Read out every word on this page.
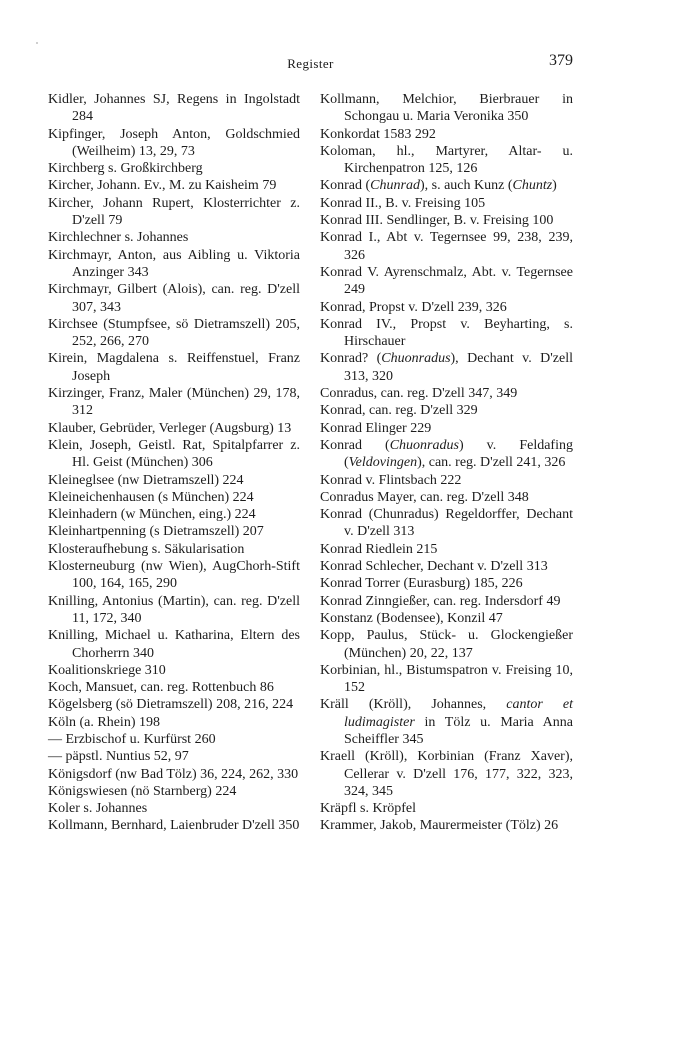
Register	379

Kidler, Johannes SJ, Regens in Ingolstadt 284

Kipfinger, Joseph Anton, Goldschmied (Weilheim) 13, 29, 73

Kirchberg s. Großkirchberg

Kircher, Johann. Ev., M. zu Kaisheim 79

Kircher, Johann Rupert, Klosterrichter z. D'zell 79

Kirchlechner s. Johannes

Kirchmayr, Anton, aus Aibling u. Viktoria Anzinger 343

Kirchmayr, Gilbert (Alois), can. reg. D'zell 307, 343

Kirchsee (Stumpfsee, sö Dietramszell) 205, 252, 266, 270

Kirein, Magdalena s. Reiffenstuel, Franz Joseph

Kirzinger, Franz, Maler (München) 29, 178, 312

Klauber, Gebrüder, Verleger (Augsburg) 13

Klein, Joseph, Geistl. Rat, Spitalpfarrer z. Hl. Geist (München) 306

Kleineglsee (nw Dietramszell) 224

Kleineichenhausen (s München) 224

Kleinhadern (w München, eing.) 224

Kleinhartpenning (s Dietramszell) 207

Klosteraufhebung s. Säkularisation

Klosterneuburg (nw Wien), AugChorh-Stift 100, 164, 165, 290

Knilling, Antonius (Martin), can. reg. D'zell 11, 172, 340

Knilling, Michael u. Katharina, Eltern des Chorherrn 340

Koalitionskriege 310

Koch, Mansuet, can. reg. Rottenbuch 86

Kögelsberg (sö Dietramszell) 208, 216, 224

Köln (a. Rhein) 198

— Erzbischof u. Kurfürst 260

— päpstl. Nuntius 52, 97

Königsdorf (nw Bad Tölz) 36, 224, 262, 330

Königswiesen (nö Starnberg) 224

Koler s. Johannes

Kollmann, Bernhard, Laienbruder D'zell 350

Kollmann, Melchior, Bierbrauer in Schongau u. Maria Veronika 350

Konkordat 1583 292

Koloman, hl., Martyrer, Altar- u. Kirchenpatron 125, 126

Konrad (Chunrad), s. auch Kunz (Chuntz)

Konrad II., B. v. Freising 105

Konrad III. Sendlinger, B. v. Freising 100

Konrad I., Abt v. Tegernsee 99, 238, 239, 326

Konrad V. Ayrenschmalz, Abt. v. Tegernsee 249

Konrad, Propst v. D'zell 239, 326

Konrad IV., Propst v. Beyharting, s. Hirschauer

Konrad? (Chuonradus), Dechant v. D'zell 313, 320

Conradus, can. reg. D'zell 347, 349

Konrad, can. reg. D'zell 329

Konrad Elinger 229

Konrad (Chuonradus) v. Feldafing (Veldovingen), can. reg. D'zell 241, 326

Konrad v. Flintsbach 222

Conradus Mayer, can. reg. D'zell 348

Konrad (Chunradus) Regeldorffer, Dechant v. D'zell 313

Konrad Riedlein 215

Konrad Schlecher, Dechant v. D'zell 313

Konrad Torrer (Eurasburg) 185, 226

Konrad Zinngießer, can. reg. Indersdorf 49

Konstanz (Bodensee), Konzil 47

Kopp, Paulus, Stück- u. Glockengießer (München) 20, 22, 137

Korbinian, hl., Bistumspatron v. Freising 10, 152

Kräll (Kröll), Johannes, cantor et ludimagister in Tölz u. Maria Anna Scheiffler 345

Kraell (Kröll), Korbinian (Franz Xaver), Cellerar v. D'zell 176, 177, 322, 323, 324, 345

Kräpfl s. Kröpfel

Krammer, Jakob, Maurermeister (Tölz) 26
